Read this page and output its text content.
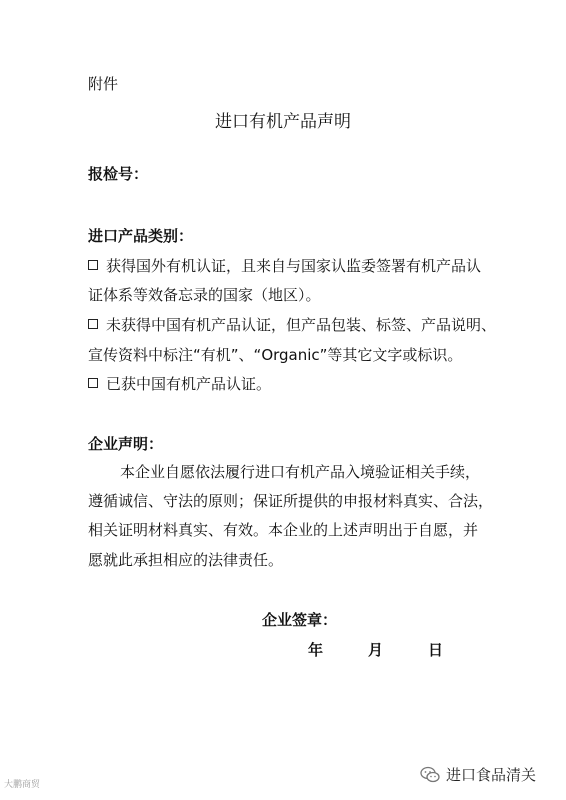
附件
进口有机产品声明
报检号：
进口产品类别：
获得国外有机认证，且来自与国家认监委签署有机产品认
证体系等效备忘录的国家（地区）。
未获得中国有机产品认证，但产品包装、标签、产品说明、
宣传资料中标注“有机”、“Organic”等其它文字或标识。
已获中国有机产品认证。
企业声明：
本企业自愿依法履行进口有机产品入境验证相关手续，
遵循诚信、守法的原则；保证所提供的申报材料真实、合法，
相关证明材料真实、有效。本企业的上述声明出于自愿，并
愿就此承担相应的法律责任。
企业签章：
年	月	日
大鹏商贸
进口食品清关
